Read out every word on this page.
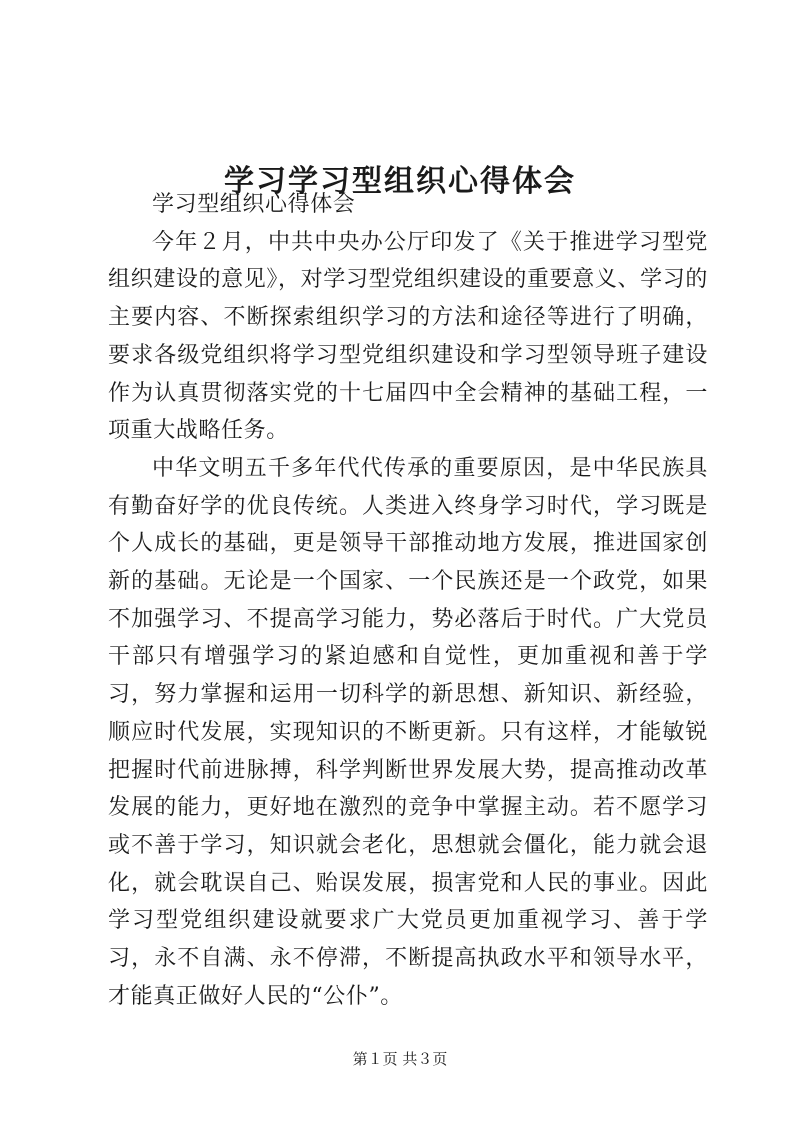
学习学习型组织心得体会

学习型组织心得体会

今年２月，中共中央办公厅印发了《关于推进学习型党组织建设的意见》，对学习型党组织建设的重要意义、学习的主要内容、不断探索组织学习的方法和途径等进行了明确，要求各级党组织将学习型党组织建设和学习型领导班子建设作为认真贯彻落实党的十七届四中全会精神的基础工程，一项重大战略任务。

中华文明五千多年代代传承的重要原因，是中华民族具有勤奋好学的优良传统。人类进入终身学习时代，学习既是个人成长的基础，更是领导干部推动地方发展，推进国家创新的基础。无论是一个国家、一个民族还是一个政党，如果不加强学习、不提高学习能力，势必落后于时代。广大党员干部只有增强学习的紧迫感和自觉性，更加重视和善于学习，努力掌握和运用一切科学的新思想、新知识、新经验，顺应时代发展，实现知识的不断更新。只有这样，才能敏锐把握时代前进脉搏，科学判断世界发展大势，提高推动改革发展的能力，更好地在激烈的竞争中掌握主动。若不愿学习或不善于学习，知识就会老化，思想就会僵化，能力就会退化，就会耽误自己、贻误发展，损害党和人民的事业。因此学习型党组织建设就要求广大党员更加重视学习、善于学习，永不自满、永不停滞，不断提高执政水平和领导水平，才能真正做好人民的“公仆”。

第１页 共３页
